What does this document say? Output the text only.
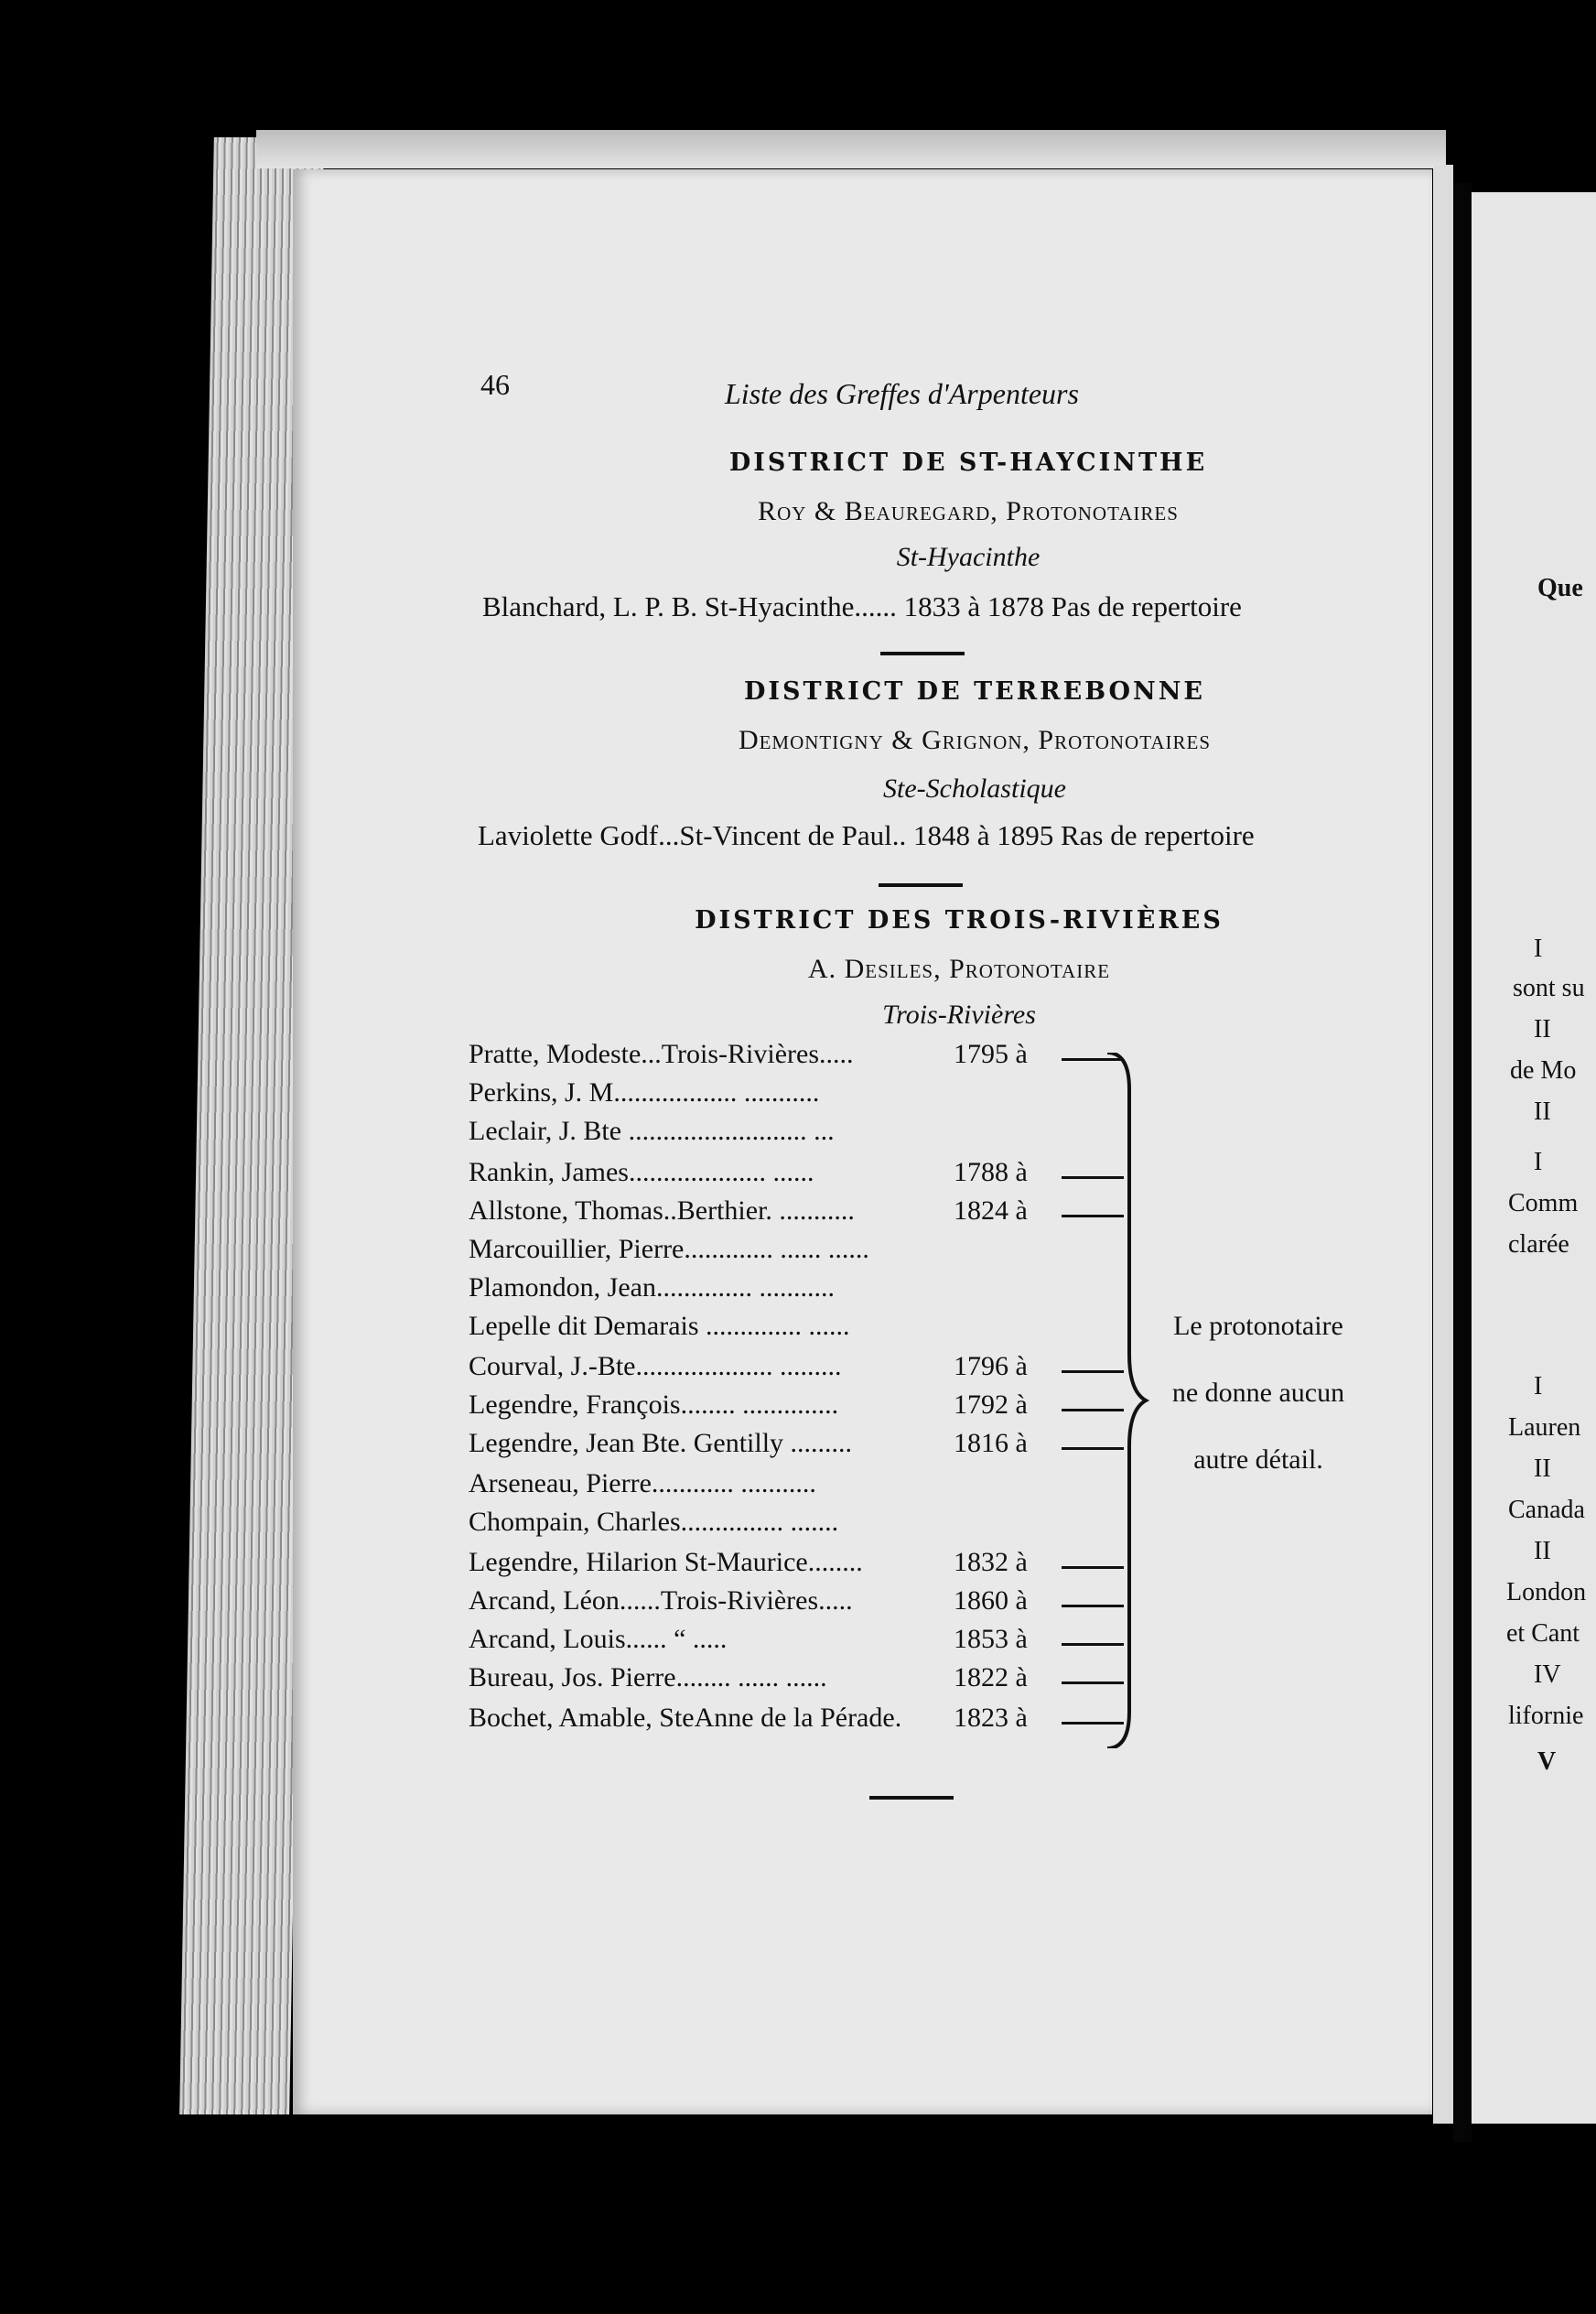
Que
I
sont su
II
de Mo
II
I
Comm
clarée
I
Lauren
II
Canada
II
London
et Cant
IV
lifornie
V
46	Liste des Greffes d'Arpenteurs
DISTRICT DE ST-HAYCINTHE
Roy & Beauregard, Protonotaires
St-Hyacinthe
Blanchard, L. P. B. St-Hyacinthe...... 1833 à 1878 Pas de repertoire
DISTRICT DE TERREBONNE
Demontigny & Grignon, Protonotaires
Ste-Scholastique
Laviolette Godf...St-Vincent de Paul.. 1848 à 1895 Ras de repertoire
DISTRICT DES TROIS-RIVIÈRES
A. Desiles, Protonotaire
Trois-Rivières
Pratte, Modeste...Trois-Rivières.....	1795 à
Perkins, J. M.................. ...........
Leclair, J. Bte .......................... ...
Rankin, James.................... ......	1788 à
Allstone, Thomas..Berthier. ...........	1824 à
Marcouillier, Pierre............. ...... ......
Plamondon, Jean.............. ...........
Lepelle dit Demarais .............. ......
Courval, J.-Bte.................... .........	1796 à
Legendre, François........ ..............	1792 à
Legendre, Jean Bte. Gentilly .........	1816 à
Arseneau, Pierre............ ...........
Chompain, Charles............... .......
Legendre, Hilarion St-Maurice........	1832 à
Arcand, Léon......Trois-Rivières.....	1860 à
Arcand, Louis...... “ .....	1853 à
Bureau, Jos. Pierre........ ...... ......	1822 à
Bochet, Amable, SteAnne de la Pérade. 1823 à
Le protonotaire
ne donne aucun
autre détail.
